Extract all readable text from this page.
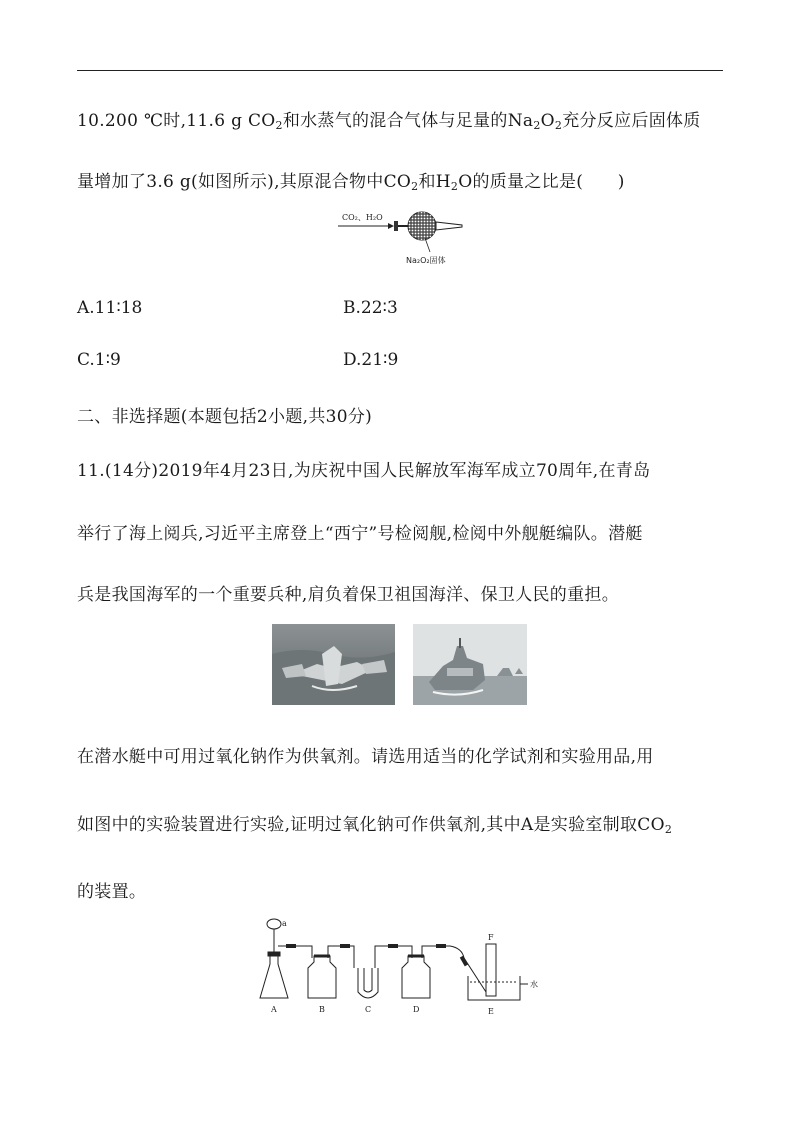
10.200 ℃时,11.6 g $CO_2$和水蒸气的混合气体与足量的$Na_2O_2$充分反应后固体质
量增加了3.6 g(如图所示),其原混合物中$CO_2$和$H_2O$的质量之比是(　　)
CO₂、H₂O
Na₂O₂固体
A.11∶18	B.22∶3
C.1∶9	D.21∶9
二、非选择题(本题包括2小题,共30分)
11.(14分)2019年4月23日,为庆祝中国人民解放军海军成立70周年,在青岛
举行了海上阅兵,习近平主席登上“西宁”号检阅舰,检阅中外舰艇编队。潜艇
兵是我国海军的一个重要兵种,肩负着保卫祖国海洋、保卫人民的重担。
在潜水艇中可用过氧化钠作为供氧剂。请选用适当的化学试剂和实验用品,用
如图中的实验装置进行实验,证明过氧化钠可作供氧剂,其中A是实验室制取$CO_2$
的装置。
a
A	B	C	D	E
F
水
